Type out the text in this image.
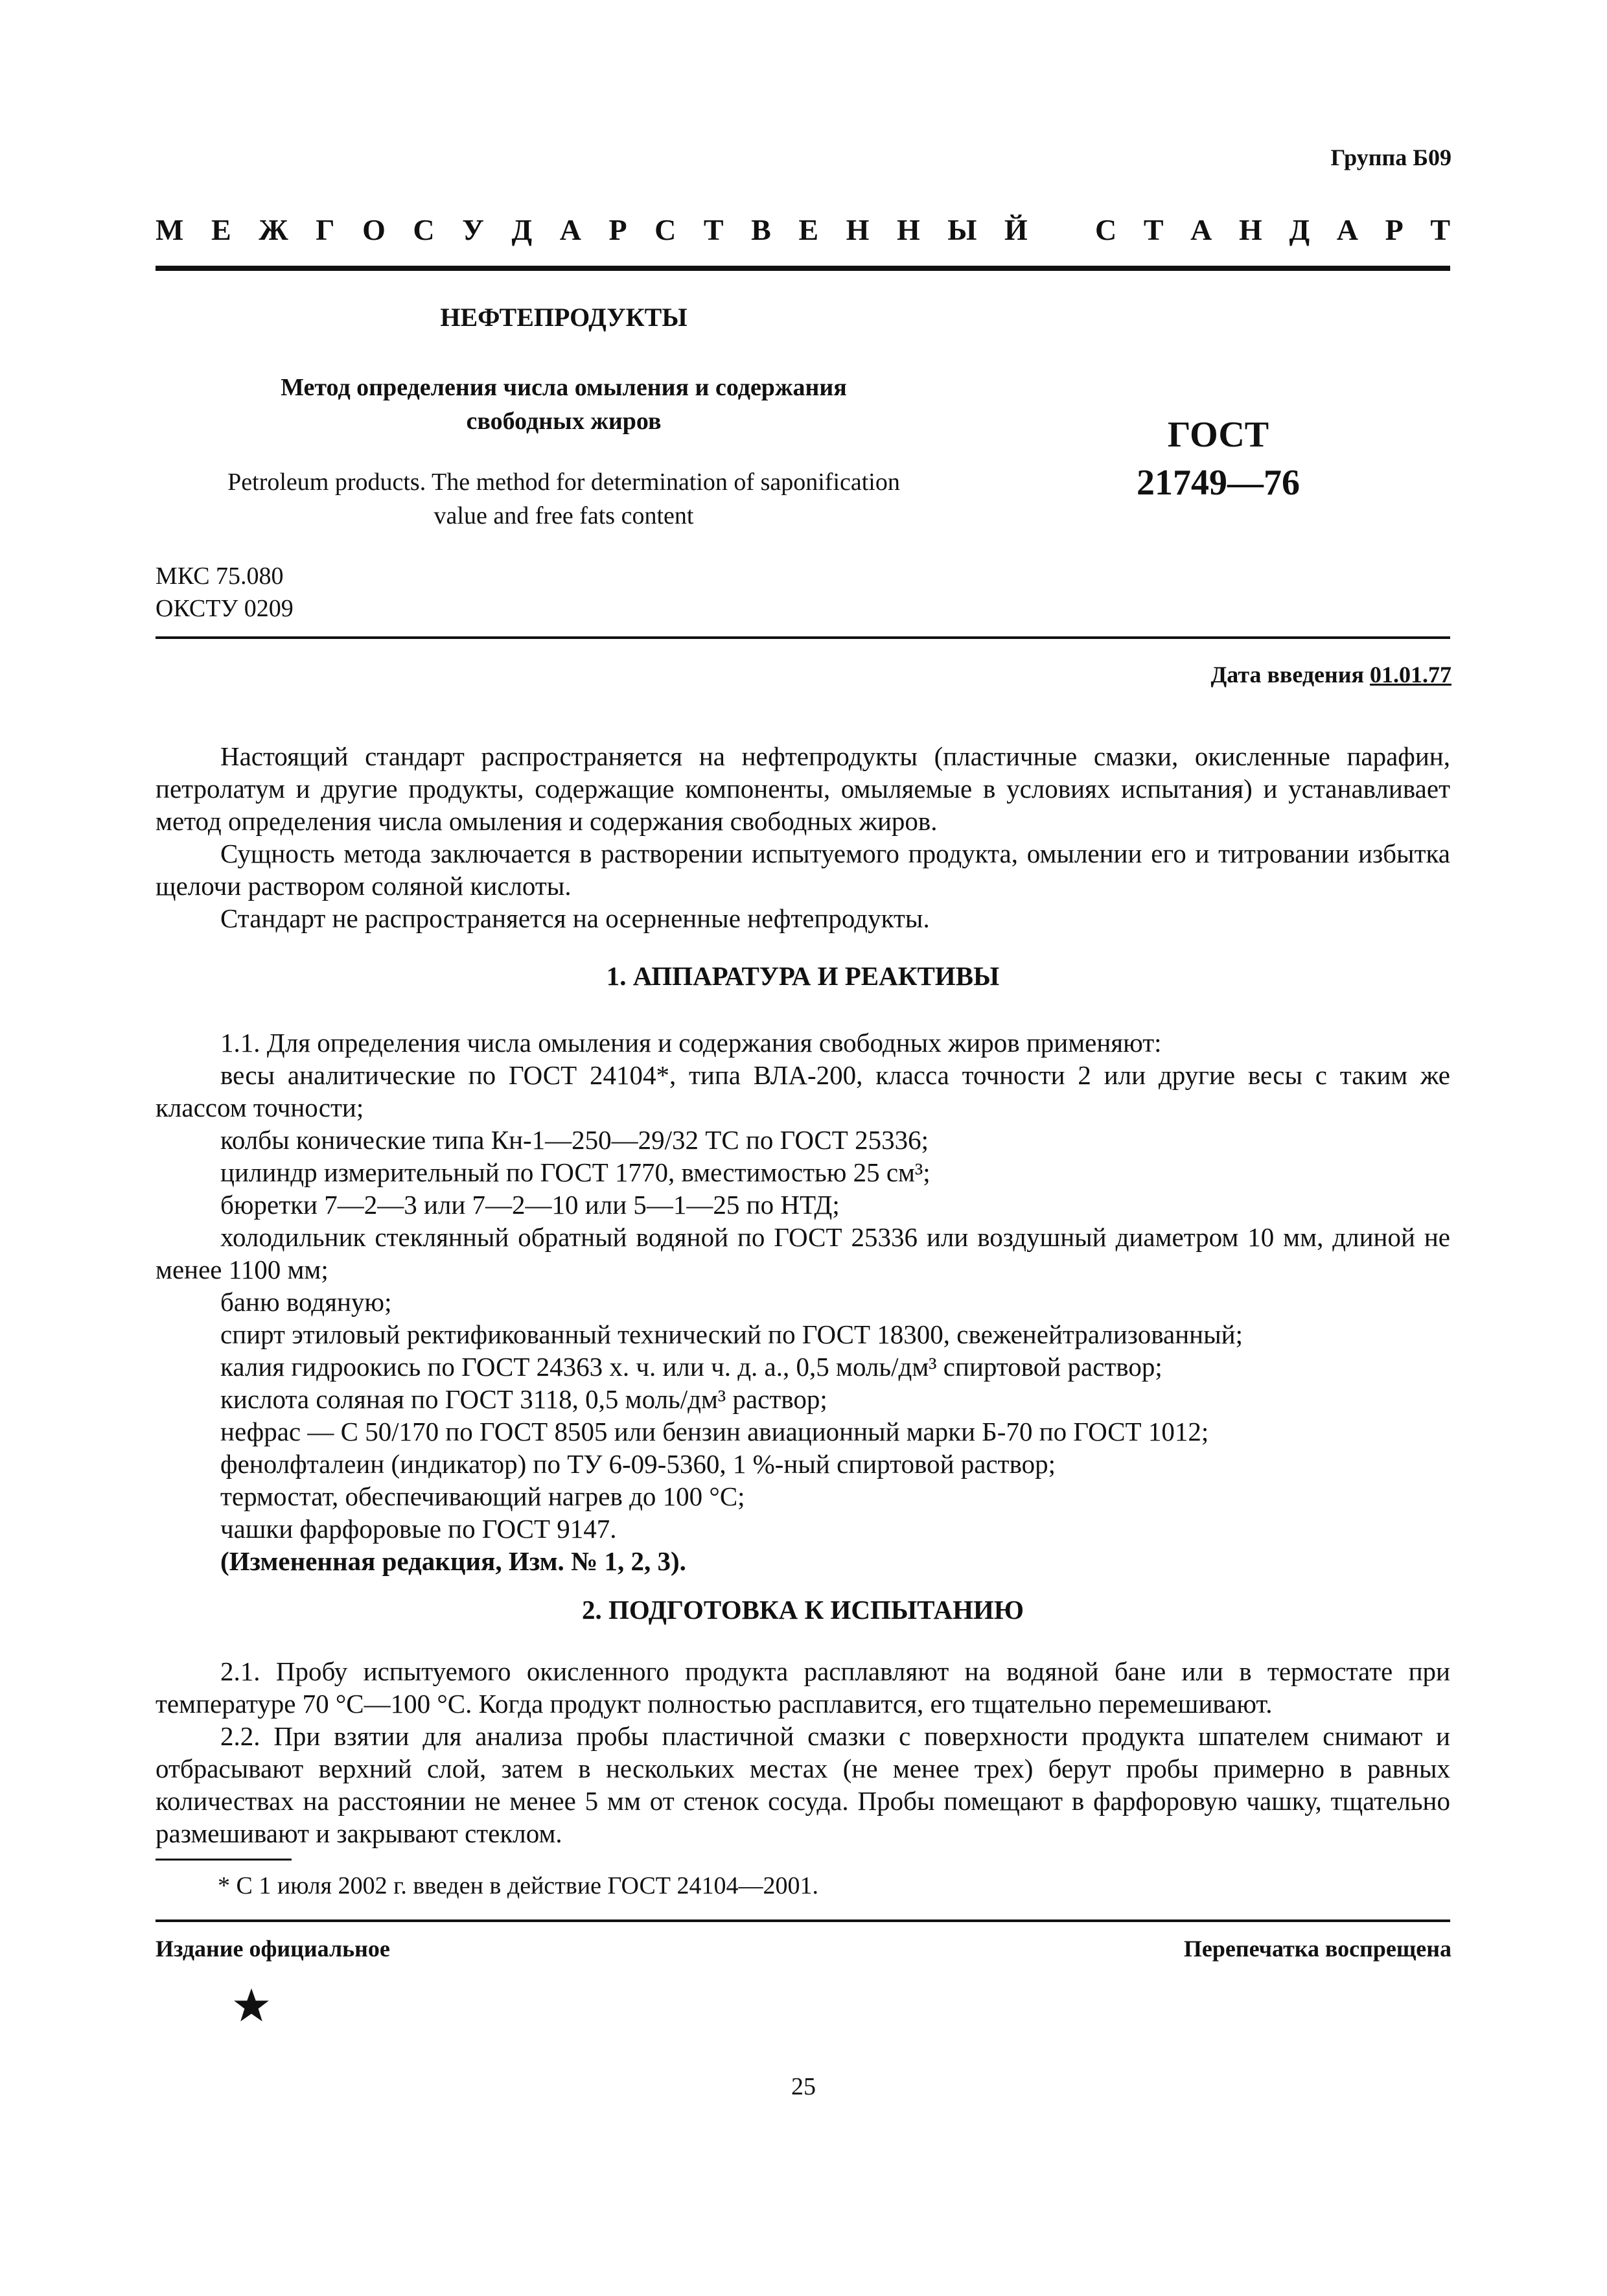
Группа Б09
М Е Ж Г О С У Д А Р С Т В Е Н Н Ы Й С Т А Н Д А Р Т
НЕФТЕПРОДУКТЫ
Метод определения числа омыления и содержания
свободных жиров
Petroleum products. The method for determination of saponification
value and free fats content
ГОСТ
21749—76
МКС 75.080
ОКСТУ 0209
Дата введения 01.01.77

Настоящий стандарт распространяется на нефтепродукты (пластичные смазки, окисленные парафин, петролатум и другие продукты, содержащие компоненты, омыляемые в условиях испытания) и устанавливает метод определения числа омыления и содержания свободных жиров.

Сущность метода заключается в растворении испытуемого продукта, омылении его и титровании избытка щелочи раствором соляной кислоты.

Стандарт не распространяется на осерненные нефтепродукты.

1. АППАРАТУРА И РЕАКТИВЫ

1.1. Для определения числа омыления и содержания свободных жиров применяют:

весы аналитические по ГОСТ 24104*, типа ВЛА-200, класса точности 2 или другие весы с таким же классом точности;

колбы конические типа Кн-1—250—29/32 ТС по ГОСТ 25336;

цилиндр измерительный по ГОСТ 1770, вместимостью 25 см³;

бюретки 7—2—3 или 7—2—10 или 5—1—25 по НТД;

холодильник стеклянный обратный водяной по ГОСТ 25336 или воздушный диаметром 10 мм, длиной не менее 1100 мм;

баню водяную;

спирт этиловый ректификованный технический по ГОСТ 18300, свеженейтрализованный;

калия гидроокись по ГОСТ 24363 х. ч. или ч. д. а., 0,5 моль/дм³ спиртовой раствор;

кислота соляная по ГОСТ 3118, 0,5 моль/дм³ раствор;

нефрас — С 50/170 по ГОСТ 8505 или бензин авиационный марки Б-70 по ГОСТ 1012;

фенолфталеин (индикатор) по ТУ 6-09-5360, 1 %-ный спиртовой раствор;

термостат, обеспечивающий нагрев до 100 °С;

чашки фарфоровые по ГОСТ 9147.

(Измененная редакция, Изм. № 1, 2, 3).

2. ПОДГОТОВКА К ИСПЫТАНИЮ

2.1. Пробу испытуемого окисленного продукта расплавляют на водяной бане или в термостате при температуре 70 °С—100 °С. Когда продукт полностью расплавится, его тщательно перемешивают.

2.2. При взятии для анализа пробы пластичной смазки с поверхности продукта шпателем снимают и отбрасывают верхний слой, затем в нескольких местах (не менее трех) берут пробы примерно в равных количествах на расстоянии не менее 5 мм от стенок сосуда. Пробы помещают в фарфоровую чашку, тщательно размешивают и закрывают стеклом.

* С 1 июля 2002 г. введен в действие ГОСТ 24104—2001.
Издание официальное	Перепечатка воспрещена
25
